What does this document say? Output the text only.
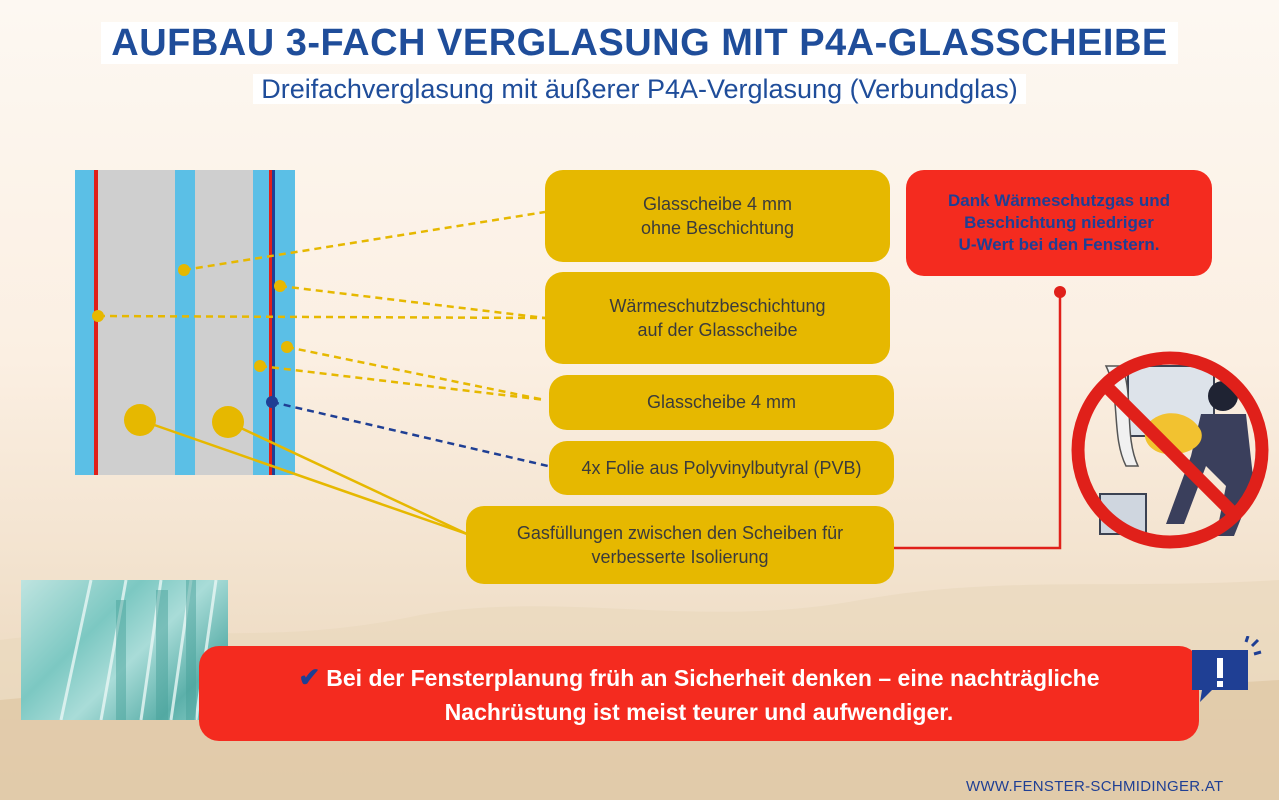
AUFBAU 3-FACH VERGLASUNG MIT P4A-GLASSCHEIBE
Dreifachverglasung mit äußerer P4A-Verglasung (Verbundglas)
Glasscheibe 4 mm
ohne Beschichtung
Wärmeschutzbeschichtung
auf der Glasscheibe
Glasscheibe 4 mm
4x Folie aus Polyvinylbutyral (PVB)
Gasfüllungen zwischen den Scheiben für
verbesserte Isolierung
Dank Wärmeschutzgas und
Beschichtung niedriger
U-Wert bei den Fenstern.
✔ Bei der Fensterplanung früh an Sicherheit denken – eine nachträgliche
Nachrüstung ist meist teurer und aufwendiger.
WWW.FENSTER-SCHMIDINGER.AT
